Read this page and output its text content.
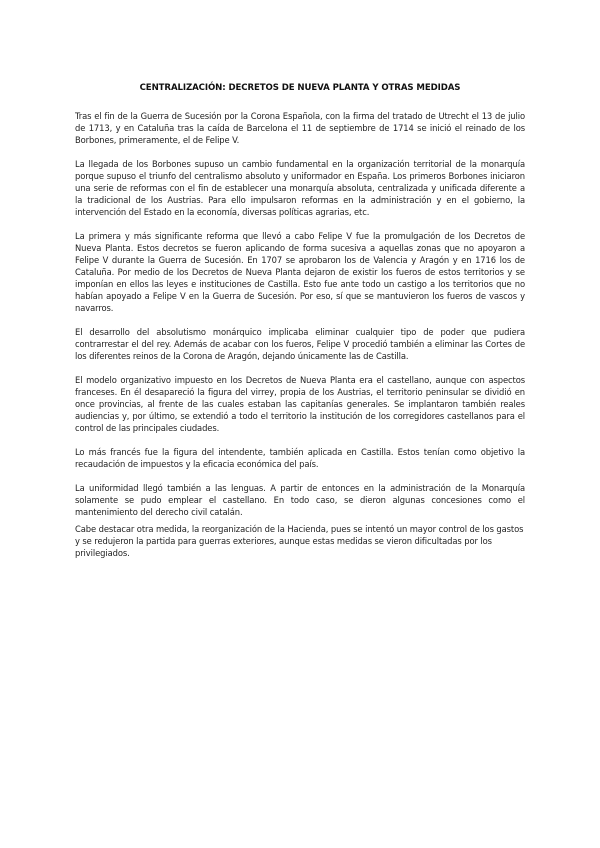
CENTRALIZACIÓN: DECRETOS DE NUEVA PLANTA Y OTRAS MEDIDAS

Tras el fin de la Guerra de Sucesión por la Corona Española, con la firma del tratado de Utrecht el 13 de julio de 1713, y en Cataluña tras la caída de Barcelona el 11 de septiembre de 1714 se inició el reinado de los Borbones, primeramente, el de Felipe V.

La llegada de los Borbones supuso un cambio fundamental en la organización territorial de la monarquía porque supuso el triunfo del centralismo absoluto y uniformador en España. Los primeros Borbones iniciaron una serie de reformas con el fin de establecer una monarquía absoluta, centralizada y unificada diferente a la tradicional de los Austrias. Para ello impulsaron reformas en la administración y en el gobierno, la intervención del Estado en la economía, diversas políticas agrarias, etc.

La primera y más significante reforma que llevó a cabo Felipe V fue la promulgación de los Decretos de Nueva Planta. Estos decretos se fueron aplicando de forma sucesiva a aquellas zonas que no apoyaron a Felipe V durante la Guerra de Sucesión. En 1707 se aprobaron los de Valencia y Aragón y en 1716 los de Cataluña. Por medio de los Decretos de Nueva Planta dejaron de existir los fueros de estos territorios y se imponían en ellos las leyes e instituciones de Castilla. Esto fue ante todo un castigo a los territorios que no habían apoyado a Felipe V en la Guerra de Sucesión. Por eso, sí que se mantuvieron los fueros de vascos y navarros.

El desarrollo del absolutismo monárquico implicaba eliminar cualquier tipo de poder que pudiera contrarrestar el del rey. Además de acabar con los fueros, Felipe V procedió también a eliminar las Cortes de los diferentes reinos de la Corona de Aragón, dejando únicamente las de Castilla.

El modelo organizativo impuesto en los Decretos de Nueva Planta era el castellano, aunque con aspectos franceses. En él desapareció la figura del virrey, propia de los Austrias, el territorio peninsular se dividió en once provincias, al frente de las cuales estaban las capitanías generales. Se implantaron también reales audiencias y, por último, se extendió a todo el territorio la institución de los corregidores castellanos para el control de las principales ciudades.

Lo más francés fue la figura del intendente, también aplicada en Castilla. Estos tenían como objetivo la recaudación de impuestos y la eficacia económica del país.

La uniformidad llegó también a las lenguas. A partir de entonces en la administración de la Monarquía solamente se pudo emplear el castellano. En todo caso, se dieron algunas concesiones como el mantenimiento del derecho civil catalán.

Cabe destacar otra medida, la reorganización de la Hacienda, pues se intentó un mayor control de los gastos y se redujeron la partida para guerras exteriores, aunque estas medidas se vieron dificultadas por los privilegiados.
